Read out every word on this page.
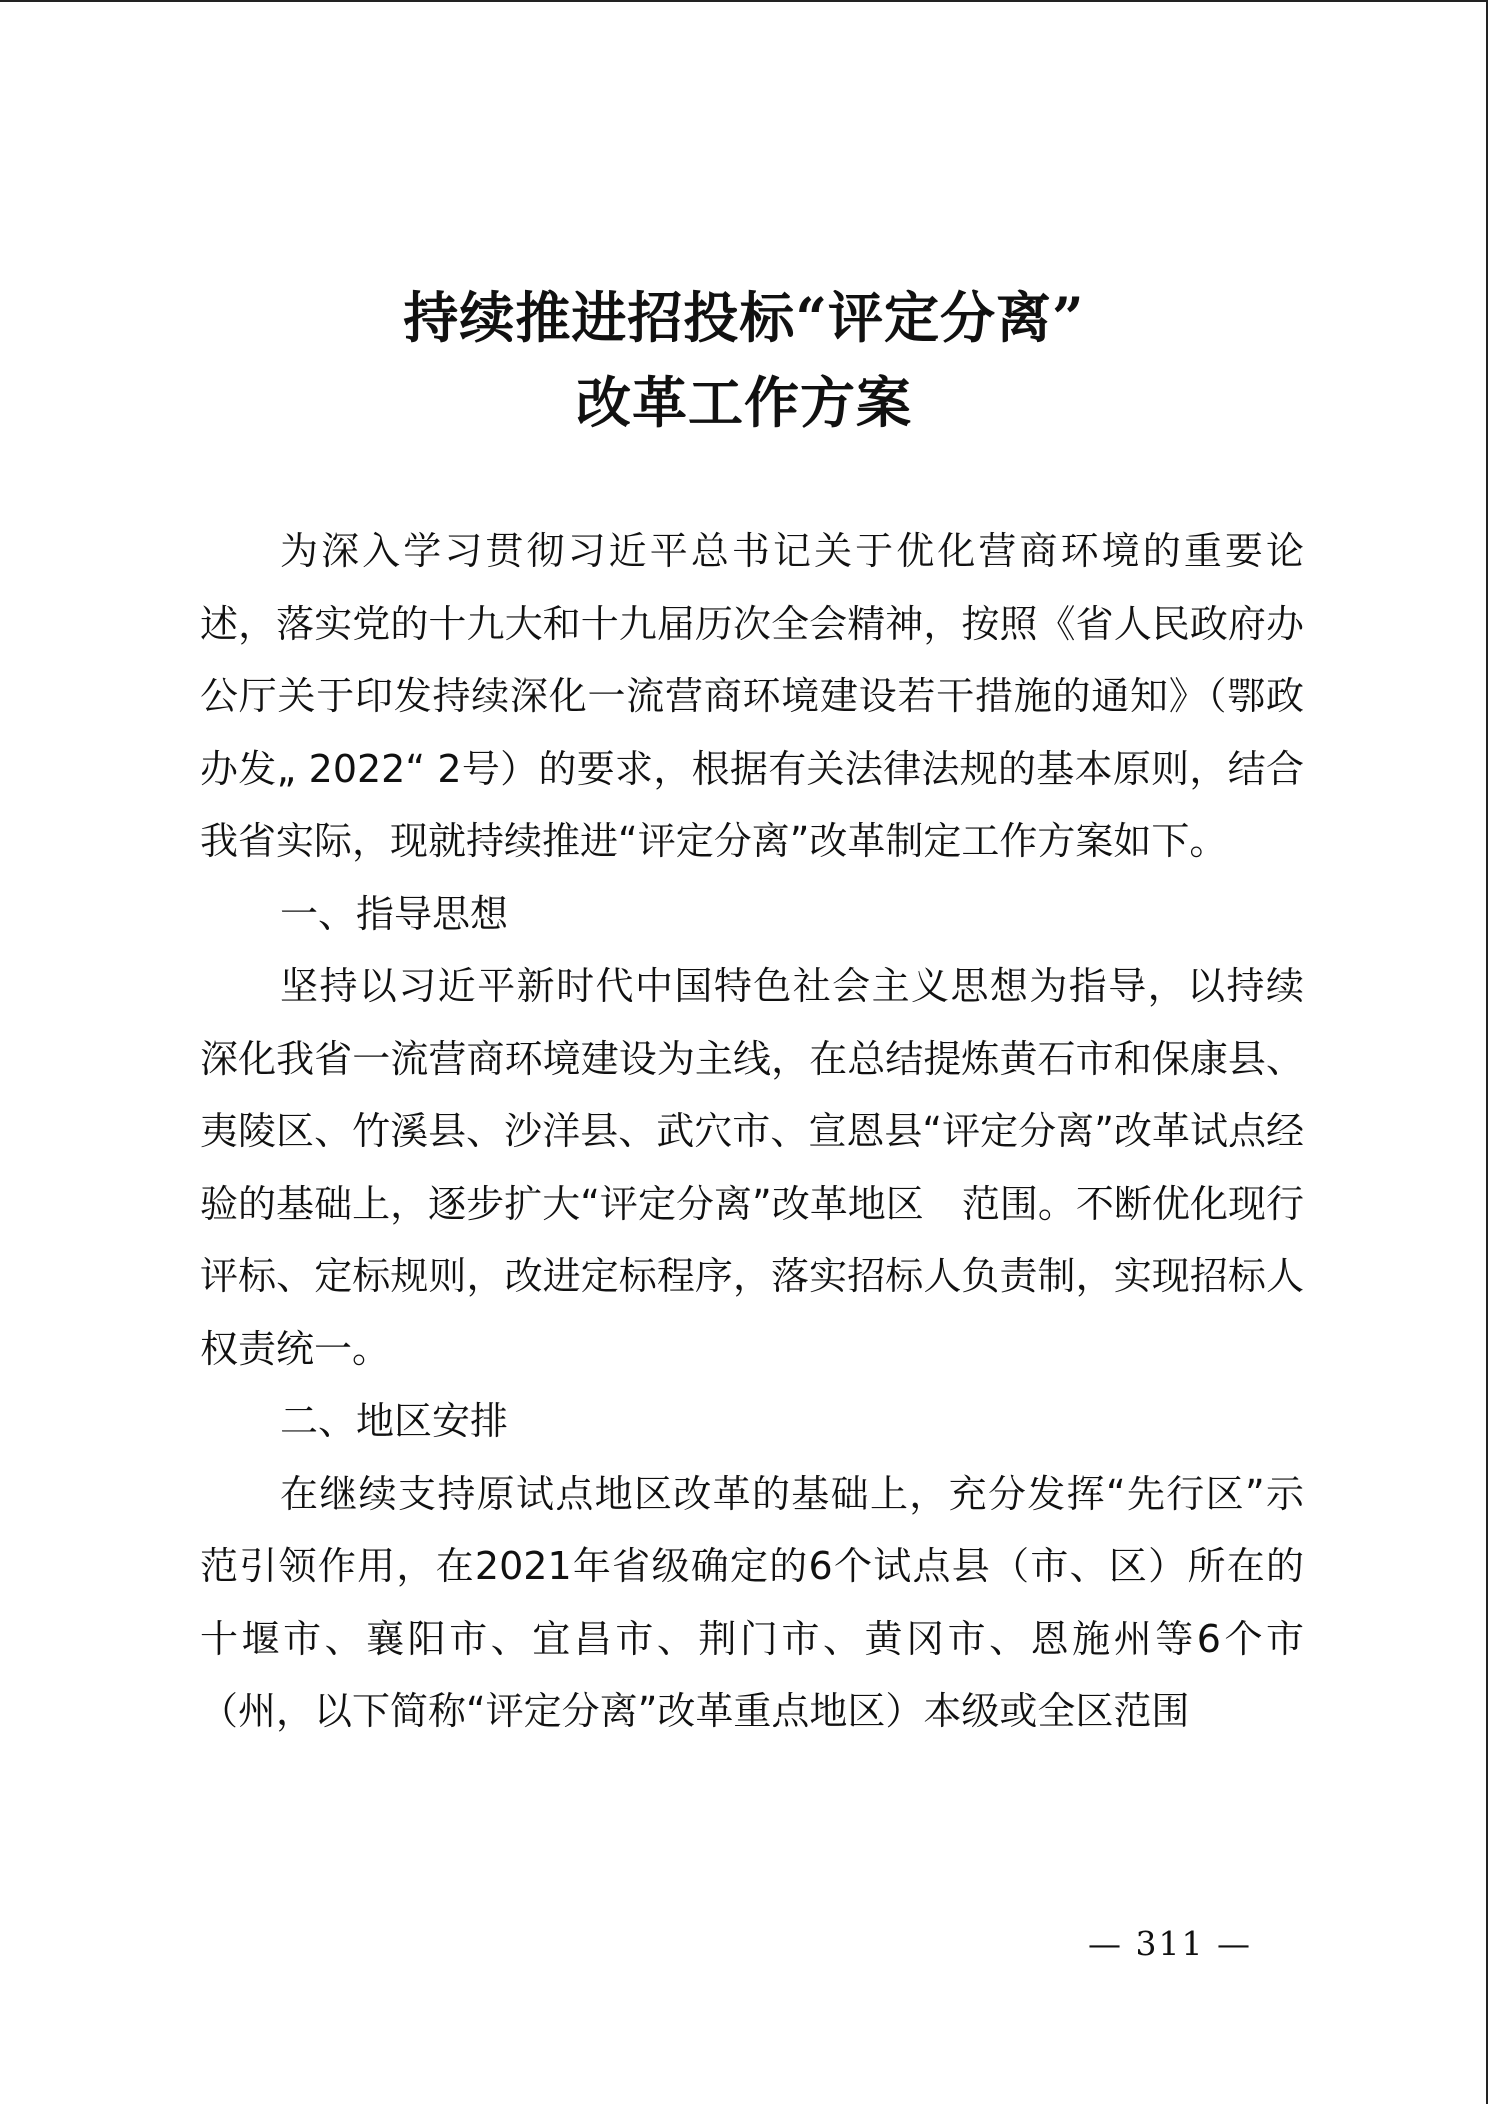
持续推进招投标“评定分离”
改革工作方案

为深入学习贯彻习近平总书记关于优化营商环境的重要论述，落实党的十九大和十九届历次全会精神，按照《省人民政府办公厅关于印发持续深化一流营商环境建设若干措施的通知》（鄂政办发„ 2022“ 2号）的要求，根据有关法律法规的基本原则，结合我省实际，现就持续推进“评定分离”改革制定工作方案如下。

一、指导思想

坚持以习近平新时代中国特色社会主义思想为指导，以持续深化我省一流营商环境建设为主线，在总结提炼黄石市和保康县、夷陵区、竹溪县、沙洋县、武穴市、宣恩县“评定分离”改革试点经验的基础上，逐步扩大“评定分离”改革地区　范围。不断优化现行评标、定标规则，改进定标程序，落实招标人负责制，实现招标人权责统一。

二、地区安排

在继续支持原试点地区改革的基础上，充分发挥“先行区”示范引领作用，在2021年省级确定的6个试点县（市、区）所在的十堰市、襄阳市、宜昌市、荆门市、黄冈市、恩施州等6个市（州，以下简称“评定分离”改革重点地区）本级或全区范围

— 311 —
